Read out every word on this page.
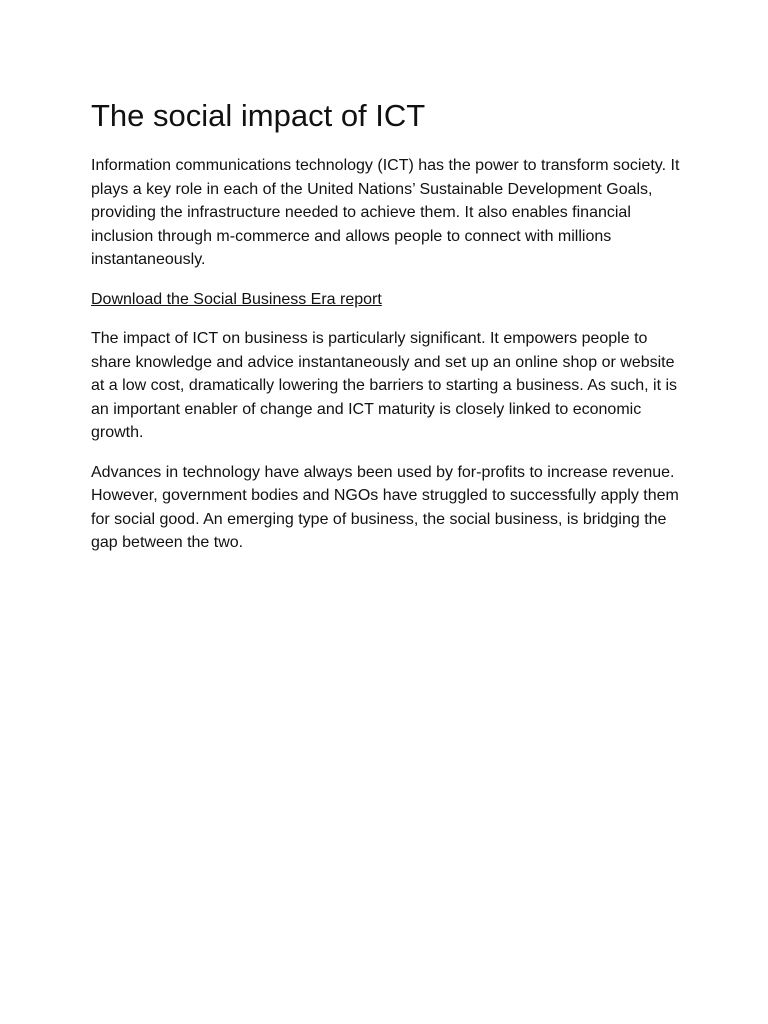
The social impact of ICT

Information communications technology (ICT) has the power to transform society. It plays a key role in each of the United Nations’ Sustainable Development Goals, providing the infrastructure needed to achieve them. It also enables financial inclusion through m-commerce and allows people to connect with millions instantaneously.

Download the Social Business Era report

The impact of ICT on business is particularly significant. It empowers people to share knowledge and advice instantaneously and set up an online shop or website at a low cost, dramatically lowering the barriers to starting a business. As such, it is an important enabler of change and ICT maturity is closely linked to economic growth.

Advances in technology have always been used by for-profits to increase revenue. However, government bodies and NGOs have struggled to successfully apply them for social good. An emerging type of business, the social business, is bridging the gap between the two.
